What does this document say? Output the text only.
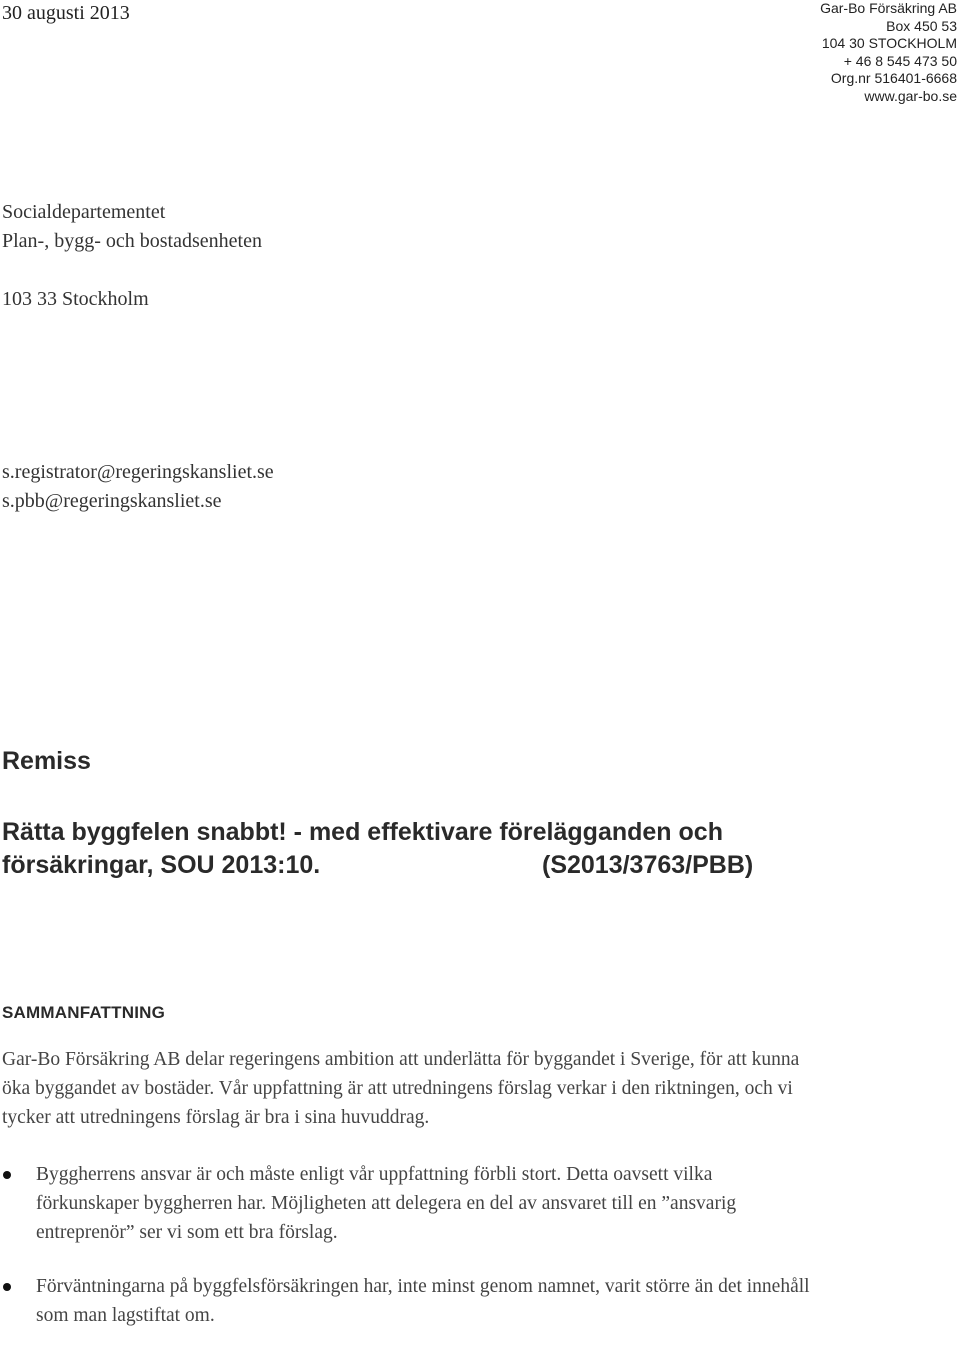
30 augusti 2013	Gar-Bo Försäkring AB
Box 450 53
104 30 STOCKHOLM
+ 46 8 545 473 50
Org.nr 516401-6668
www.gar-bo.se
Socialdepartementet
Plan-, bygg- och bostadsenheten
103 33 Stockholm
s.registrator@regeringskansliet.se
s.pbb@regeringskansliet.se
Remiss
Rätta byggfelen snabbt! - med effektivare förelägganden och
försäkringar, SOU 2013:10.	(S2013/3763/PBB)
SAMMANFATTNING
Gar-Bo Försäkring AB delar regeringens ambition att underlätta för byggandet i Sverige, för att kunna öka byggandet av bostäder. Vår uppfattning är att utredningens förslag verkar i den riktningen, och vi tycker att utredningens förslag är bra i sina huvuddrag.
Byggherrens ansvar är och måste enligt vår uppfattning förbli stort. Detta oavsett vilka förkunskaper byggherren har. Möjligheten att delegera en del av ansvaret till en ”ansvarig entreprenör” ser vi som ett bra förslag.
Förväntningarna på byggfelsförsäkringen har, inte minst genom namnet, varit större än det innehåll som man lagstiftat om.
